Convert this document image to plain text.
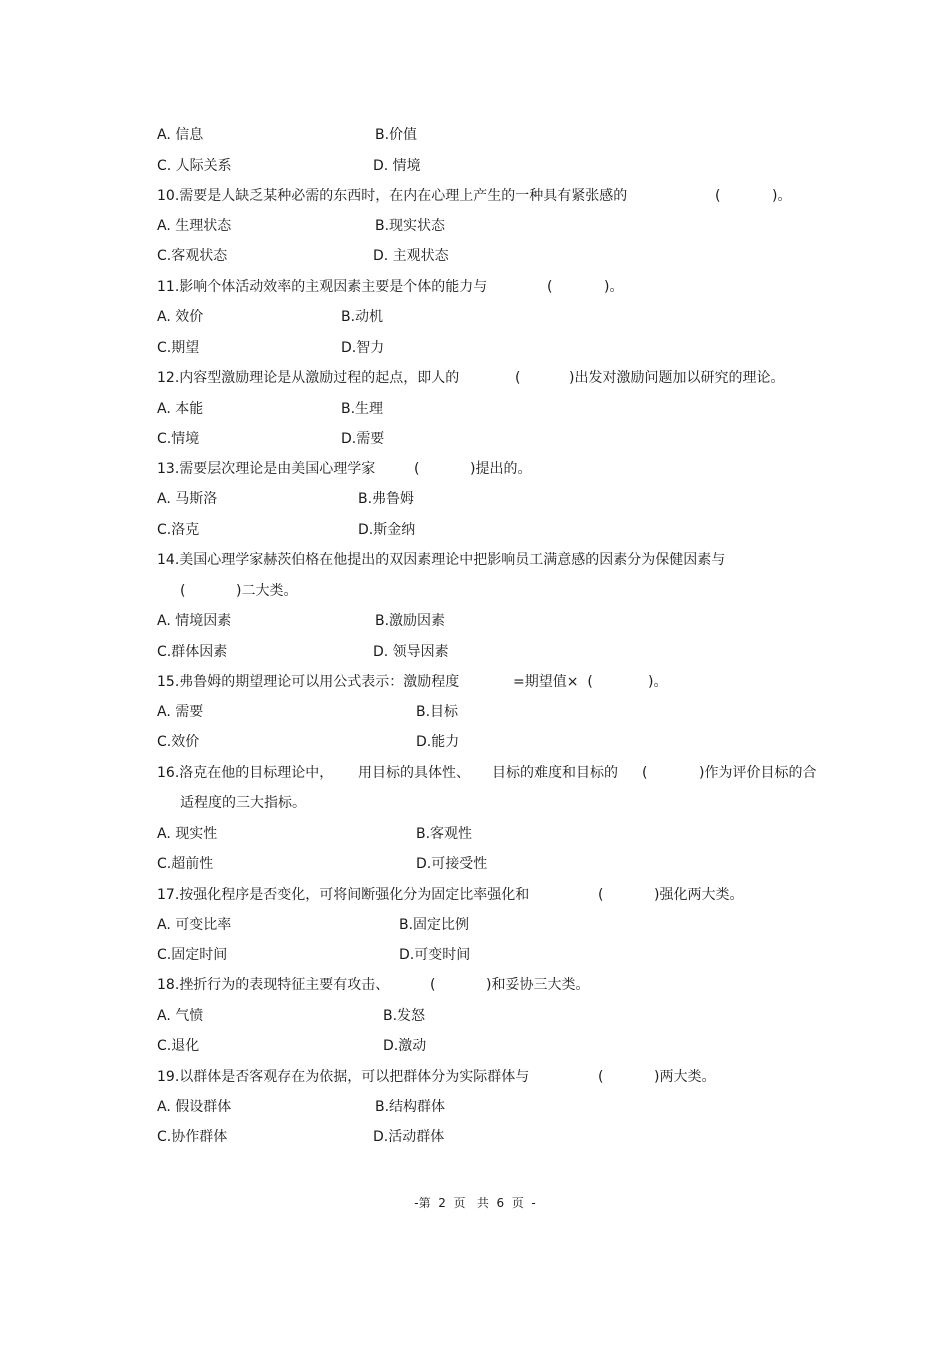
A. 信息	B.价值
C. 人际关系	D. 情境
10.需要是人缺乏某种必需的东西时，在内在心理上产生的一种具有紧张感的	(	)。
A. 生理状态	B.现实状态
C.客观状态	D. 主观状态
11.影响个体活动效率的主观因素主要是个体的能力与	(	)。
A. 效价	B.动机
C.期望	D.智力
12.内容型激励理论是从激励过程的起点，即人的	(	)出发对激励问题加以研究的理论。
A. 本能	B.生理
C.情境	D.需要
13.需要层次理论是由美国心理学家	(	)提出的。
A. 马斯洛	B.弗鲁姆
C.洛克	D.斯金纳
14.美国心理学家赫茨伯格在他提出的双因素理论中把影响员工满意感的因素分为保健因素与
(	)二大类。
A. 情境因素	B.激励因素
C.群体因素	D. 领导因素
15.弗鲁姆的期望理论可以用公式表示：激励程度	=期望值×  (	)。
A. 需要	B.目标
C.效价	D.能力
16.洛克在他的目标理论中， 用目标的具体性、 目标的难度和目标的 (	)作为评价目标的合
适程度的三大指标。
A. 现实性	B.客观性
C.超前性	D.可接受性
17.按强化程序是否变化，可将间断强化分为固定比率强化和	(	)强化两大类。
A. 可变比率	B.固定比例
C.固定时间	D.可变时间
18.挫折行为的表现特征主要有攻击、	(	)和妥协三大类。
A. 气愤	B.发怒
C.退化	D.激动
19.以群体是否客观存在为依据，可以把群体分为实际群体与	(	)两大类。
A. 假设群体	B.结构群体
C.协作群体	D.活动群体
-第  2  页   共  6  页  -
